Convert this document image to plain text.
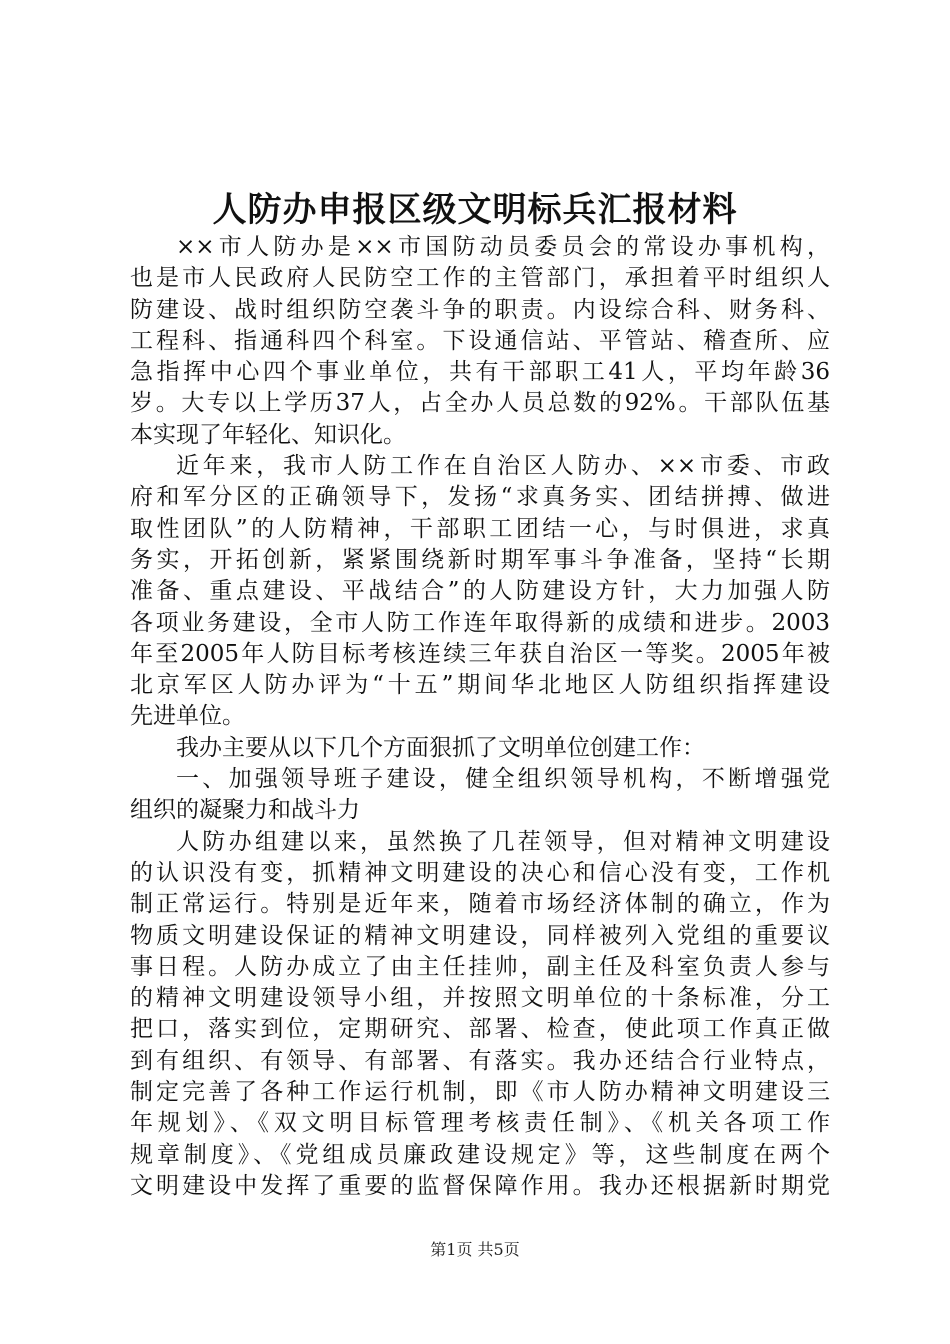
人防办申报区级文明标兵汇报材料
××市人防办是××市国防动员委员会的常设办事机构，
也是市人民政府人民防空工作的主管部门，承担着平时组织人
防建设、战时组织防空袭斗争的职责。内设综合科、财务科、
工程科、指通科四个科室。下设通信站、平管站、稽查所、应
急指挥中心四个事业单位，共有干部职工41人，平均年龄36
岁。大专以上学历37人，占全办人员总数的92%。干部队伍基
本实现了年轻化、知识化。
近年来，我市人防工作在自治区人防办、××市委、市政
府和军分区的正确领导下，发扬“求真务实、团结拼搏、做进
取性团队”的人防精神，干部职工团结一心，与时俱进，求真
务实，开拓创新，紧紧围绕新时期军事斗争准备，坚持“长期
准备、重点建设、平战结合”的人防建设方针，大力加强人防
各项业务建设，全市人防工作连年取得新的成绩和进步。2003
年至2005年人防目标考核连续三年获自治区一等奖。2005年被
北京军区人防办评为“十五”期间华北地区人防组织指挥建设
先进单位。
我办主要从以下几个方面狠抓了文明单位创建工作：
一、加强领导班子建设，健全组织领导机构，不断增强党
组织的凝聚力和战斗力
人防办组建以来，虽然换了几茬领导，但对精神文明建设
的认识没有变，抓精神文明建设的决心和信心没有变，工作机
制正常运行。特别是近年来，随着市场经济体制的确立，作为
物质文明建设保证的精神文明建设，同样被列入党组的重要议
事日程。人防办成立了由主任挂帅，副主任及科室负责人参与
的精神文明建设领导小组，并按照文明单位的十条标准，分工
把口，落实到位，定期研究、部署、检查，使此项工作真正做
到有组织、有领导、有部署、有落实。我办还结合行业特点，
制定完善了各种工作运行机制，即《市人防办精神文明建设三
年规划》、《双文明目标管理考核责任制》、《机关各项工作
规章制度》、《党组成员廉政建设规定》等，这些制度在两个
文明建设中发挥了重要的监督保障作用。我办还根据新时期党
第1页 共5页
